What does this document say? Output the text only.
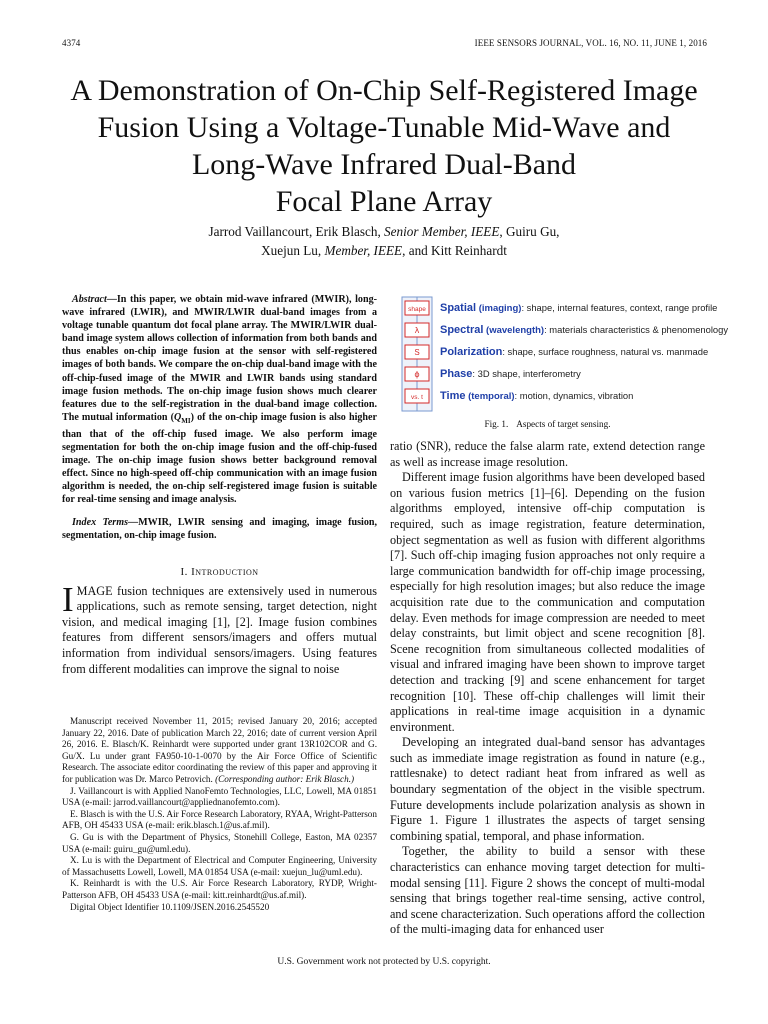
4374	IEEE SENSORS JOURNAL, VOL. 16, NO. 11, JUNE 1, 2016
A Demonstration of On-Chip Self-Registered Image
Fusion Using a Voltage-Tunable Mid-Wave and
Long-Wave Infrared Dual-Band
Focal Plane Array
Jarrod Vaillancourt, Erik Blasch, Senior Member, IEEE, Guiru Gu,
Xuejun Lu, Member, IEEE, and Kitt Reinhardt

Abstract—In this paper, we obtain mid-wave infrared (MWIR), long-wave infrared (LWIR), and MWIR/LWIR dual-band images from a voltage tunable quantum dot focal plane array. The MWIR/LWIR dual-band image system allows collection of information from both bands and thus enables on-chip image fusion at the sensor with self-registered images of both bands. We compare the on-chip dual-band image with the off-chip-fused image of the MWIR and LWIR bands using standard image fusion methods. The on-chip image fusion shows much clearer features due to the self-registration in the dual-band image collection. The mutual information $(Q_{MI})$ of the on-chip image fusion is also higher than that of the off-chip fused image. We also perform image segmentation for both the on-chip image fusion and the off-chip-fused image. The on-chip image fusion shows better background removal effect. Since no high-speed off-chip communication with an image fusion algorithm is needed, the on-chip self-registered image fusion is suitable for real-time sensing and image analysis.

Index Terms—MWIR, LWIR sensing and imaging, image fusion, segmentation, on-chip image fusion.

I. Introduction

IMAGE fusion techniques are extensively used in numerous applications, such as remote sensing, target detection, night vision, and medical imaging [1], [2]. Image fusion combines features from different sensors/imagers and offers mutual information from individual sensors/imagers. Using features from different modalities can improve the signal to noise

Manuscript received November 11, 2015; revised January 20, 2016; accepted January 22, 2016. Date of publication March 22, 2016; date of current version April 26, 2016. E. Blasch/K. Reinhardt were supported under grant 13R102COR and G. Gu/X. Lu under grant FA950-10-1-0070 by the Air Force Office of Scientific Research. The associate editor coordinating the review of this paper and approving it for publication was Dr. Marco Petrovich. (Corresponding author: Erik Blasch.)

J. Vaillancourt is with Applied NanoFemto Technologies, LLC, Lowell, MA 01851 USA (e-mail: jarrod.vaillancourt@appliednanofemto.com).

E. Blasch is with the U.S. Air Force Research Laboratory, RYAA, Wright-Patterson AFB, OH 45433 USA (e-mail: erik.blasch.1@us.af.mil).

G. Gu is with the Department of Physics, Stonehill College, Easton, MA 02357 USA (e-mail: guiru_gu@uml.edu).

X. Lu is with the Department of Electrical and Computer Engineering, University of Massachusetts Lowell, Lowell, MA 01854 USA (e-mail: xuejun_lu@uml.edu).

K. Reinhardt is with the U.S. Air Force Research Laboratory, RYDP, Wright-Patterson AFB, OH 45433 USA (e-mail: kitt.reinhardt@us.af.mil).

Digital Object Identifier 10.1109/JSEN.2016.2545520

shape
λ
S
ϕ
vs. t
Spatial (imaging): shape, internal features, context, range profile
Spectral (wavelength): materials characteristics & phenomenology
Polarization: shape, surface roughness, natural vs. manmade
Phase: 3D shape, interferometry
Time (temporal): motion, dynamics, vibration
Fig. 1. Aspects of target sensing.

ratio (SNR), reduce the false alarm rate, extend detection range as well as increase image resolution.

Different image fusion algorithms have been developed based on various fusion metrics [1]–[6]. Depending on the fusion algorithms employed, intensive off-chip computation is required, such as image registration, feature determination, object segmentation as well as fusion with different algorithms [7]. Such off-chip imaging fusion approaches not only require a large communication bandwidth for off-chip image processing, especially for high resolution images; but also reduce the image acquisition rate due to the communication and computation delay. Even methods for image compression are needed to meet delay constraints, but limit object and scene recognition [8]. Scene recognition from simultaneous collected modalities of visual and infrared imaging have been shown to improve target detection and tracking [9] and scene enhancement for target recognition [10]. These off-chip challenges will limit their applications in real-time image acquisition in a dynamic environment.

Developing an integrated dual-band sensor has advantages such as immediate image registration as found in nature (e.g., rattlesnake) to detect radiant heat from infrared as well as boundary segmentation of the object in the visible spectrum. Future developments include polarization analysis as shown in Figure 1. Figure 1 illustrates the aspects of target sensing combining spatial, temporal, and phase information.

Together, the ability to build a sensor with these characteristics can enhance moving target detection for multi-modal sensing [11]. Figure 2 shows the concept of multi-modal sensing that brings together real-time sensing, active control, and scene characterization. Such operations afford the collection of the multi-imaging data for enhanced user

U.S. Government work not protected by U.S. copyright.
